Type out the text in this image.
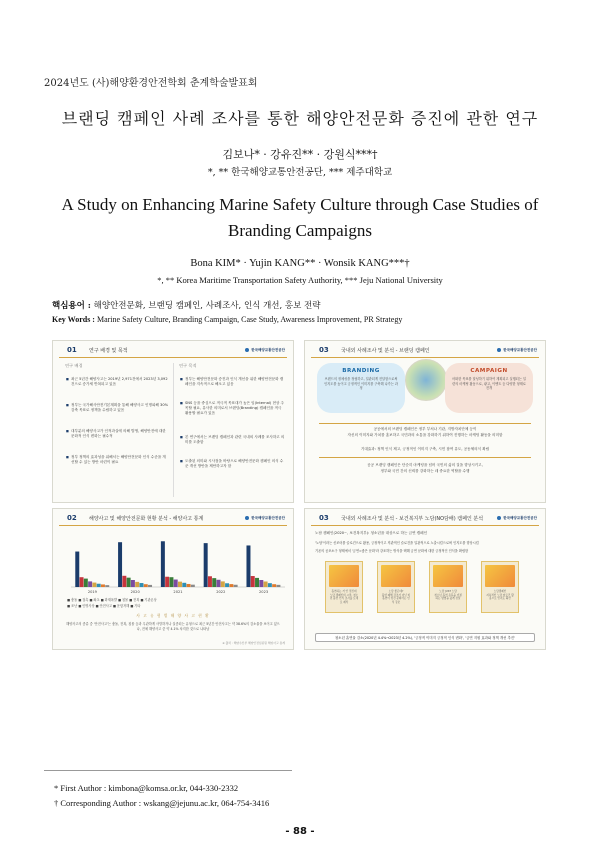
2024년도 (사)해양환경안전학회 춘계학술발표회
브랜딩 캠페인 사례 조사를 통한 해양안전문화 증진에 관한 연구
김보나* · 강유진** · 강원식***†
*, ** 한국해양교통안전공단, *** 제주대학교
A Study on Enhancing Marine Safety Culture through Case Studies of Branding Campaigns
Bona KIM* · Yujin KANG** · Wonsik KANG***†
*, ** Korea Maritime Transportation Safety Authority, *** Jeju National University
핵심용어 : 해양안전문화, 브랜딩 캠페인, 사례조사, 인식 개선, 홍보 전략
Key Words : Marine Safety Culture, Branding Campaign, Case Study, Awareness Improvement, PR Strategy
01 연구 배경 및 목적	한국해양교통안전공단
연구 배경	연구 목적
■ 최근 5년간 해양사고는 2019년 2,971건에서 2023년 3,092건으로 증가세 반복되고 있음
■ 정부는 국가해사안전기본계획을 통해 해양사고 인명피해 30% 감축 목표로 정책을 수립하고 있음
■ 대부분의 해양사고가 인적과실에 의해 발생, 해양안전에 대한 문화적 인식 변화는 필수적
■ 정부 정책의 효과성을 위해서는 해양안전문화 인식 수준을 개선할 수 있는 방안 마련이 필요
■ 정부는 해양안전문화 증진과 인식 개선을 위한 해양안전문화 캠페인을 지속적으로 해오고 있음
■ SNS 등을 중심으로 적극적 목표대가 높은 임(Internal) 현상 주목할 필요, 유사한 의미로서 브랜딩(Branding) 캠페인을 적극 활용할 필요가 있음
■ 본 연구에서는 브랜딩 캠페인과 관련 국내외 사례를 조사하고 의미를 도출함
■ 도출된 의미와 시사점을 바탕으로 해양안전문화 캠페인 의식 수준 개선 방안을 제안하고자 함
03 국내외 사례조사 및 분석 - 브랜딩 캠페인	한국해양교통안전공단
BRANDING
브랜드의 정체성을 정립하고, 일관되게 전달함으로써 인지도를 높이고 긍정적인 이미지를 구축해 나가는 과정
CAMPAIGN
어떠한 목표를 달성하기 위하여 계획되고 실행되는 일련의 마케팅 활동으로, 광고, 이벤트 등 다양한 형태로 전개
공공에서의 브랜딩 캠페인은 정부 부처나 기관, 지방자치단체 등이
자신의 이미지와 가치를 홍보하고 국민과의 소통을 강화하기 위하여 진행하는 마케팅 활동을 의미함
기대효과: 정책 인식 제고, 긍정적인 이미지 구축, 시민 참여 유도, 공동체의식 확립
공공 브랜딩 캠페인은 단순히 마케팅을 넘어 국민의 삶의 질을 향상시키고,
정부와 국민 간의 신뢰를 강화하는 데 중요한 역할을 수행
02 해양사고 및 해양안전문화 현황 분석 - 해양사고 통계	한국해양교통안전공단
2019	2020	2021	2022	2023
■ 충돌 ■ 접촉 ■ 좌초 ■ 화재폭발 ■ 침몰 ■ 전복 ■ 기관손상
■ 조난 ■ 인명사상 ■ 안전사고 ■ 운항저해 ■ 기타
사 고 유 형 별 해 양 사 고 현 황
해양사고의 종류 중 '안전사고'는 충돌, 전복, 침몰 등과 무관하게 사망하거나 실종되는 유형으로 최근 5년간 안전사고는 약 38.6%의 감소율을 보이고 있으나, 전체 해양사고 중 약 4.1% 차지한 것으로 나타남
※ 출처 : 해양수산부 해양안전심판원 해양사고 통계
03 국내외 사례조사 및 분석 - 보건복지부 노담(NO담배) 캠페인 분석	한국해양교통안전공단
노담 캠페인(2020~, 보건복지부): 청소년을 대상으로 하는 금연 캠페인
'노담'이라는 신조어를 슬로건으로 활용, 긍정적이고 직관적인 슬로건을 일관적으로 노출시킴으로써 인지도를 향상시킴
기존의 공포소구 형태에서 '금연=좋은 문화'라 강조하는 방식을 택해 금연 문화에 대한 긍정적인 인식을 확립함
흡연하는 거 안 멋진데
노담 캠페인의 시작, 청소년 흡연 인식 조사를 토대로 제작
노담 좋은데?
흡연 폐해 강조가 아닌 비흡연이 멋진 문화라는 인식 강조
노담 JUST 노담
청소년 흡연 유혹을 거절하는 방법을 쉽게 전달
노담캠페인
지속적인 노담 슬로건 활용으로 인지도 확산
청소년 흡연율 감소(2020년 4.4%→2023년 4.2%), '긍정적 이미지 긍정적 인식 변화', '금연 지원 효과와 정책 개선 추진'
* First Author : kimbona@komsa.or.kr, 044-330-2332
† Corresponding Author : wskang@jejunu.ac.kr, 064-754-3416
- 88 -
